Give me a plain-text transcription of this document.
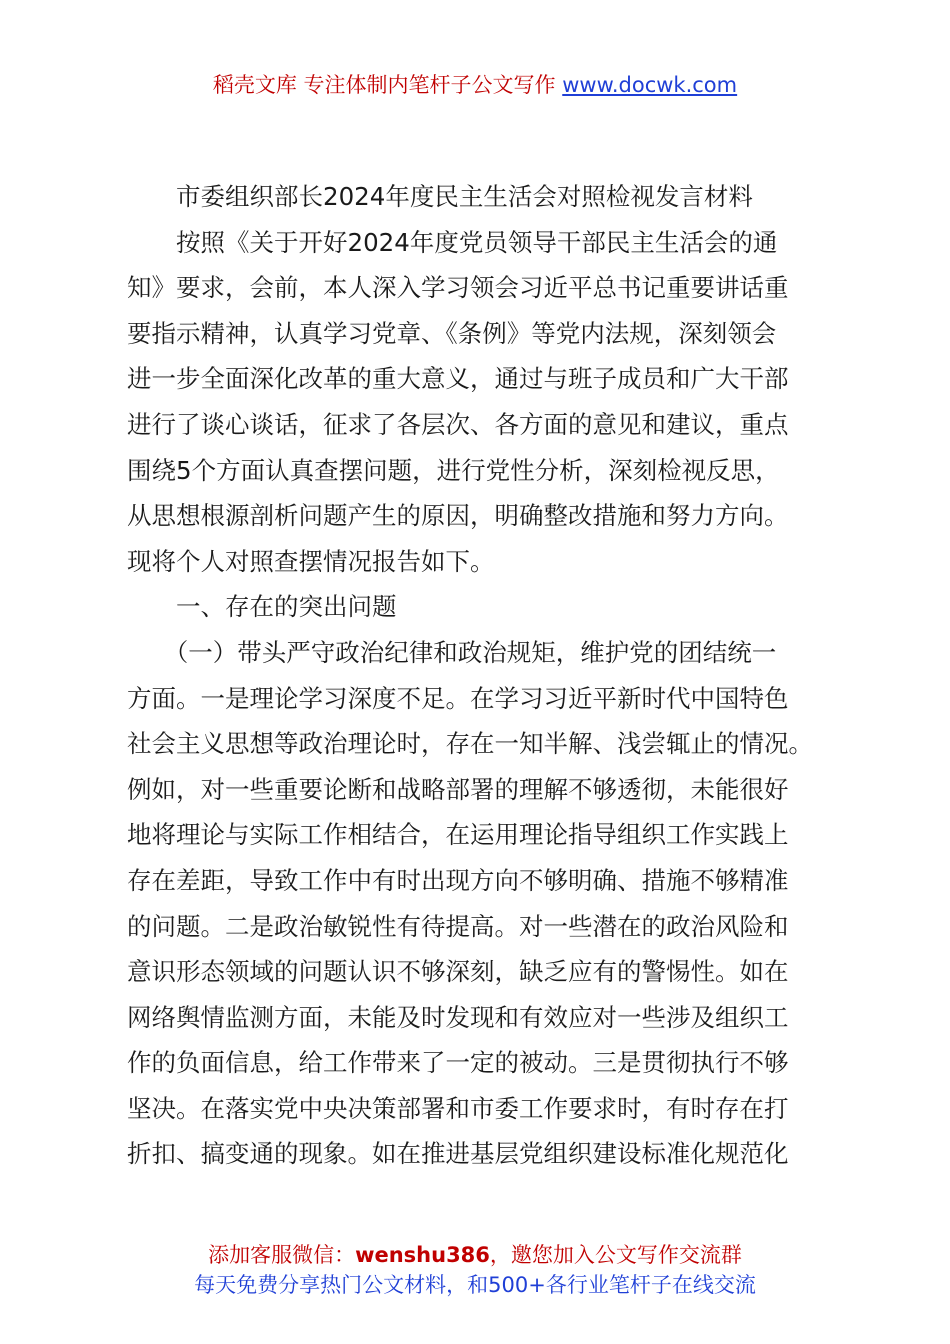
稻壳文库 专注体制内笔杆子公文写作 www.docwk.com

　　市委组织部长2024年度民主生活会对照检视发言材料

　　按照《关于开好2024年度党员领导干部民主生活会的通

知》要求，会前，本人深入学习领会习近平总书记重要讲话重

要指示精神，认真学习党章、《条例》等党内法规，深刻领会

进一步全面深化改革的重大意义，通过与班子成员和广大干部

进行了谈心谈话，征求了各层次、各方面的意见和建议，重点

围绕5个方面认真查摆问题，进行党性分析，深刻检视反思，

从思想根源剖析问题产生的原因，明确整改措施和努力方向。

现将个人对照查摆情况报告如下。

　　一、存在的突出问题

　　（一）带头严守政治纪律和政治规矩，维护党的团结统一

方面。一是理论学习深度不足。在学习习近平新时代中国特色

社会主义思想等政治理论时，存在一知半解、浅尝辄止的情况。

例如，对一些重要论断和战略部署的理解不够透彻，未能很好

地将理论与实际工作相结合，在运用理论指导组织工作实践上

存在差距，导致工作中有时出现方向不够明确、措施不够精准

的问题。二是政治敏锐性有待提高。对一些潜在的政治风险和

意识形态领域的问题认识不够深刻，缺乏应有的警惕性。如在

网络舆情监测方面，未能及时发现和有效应对一些涉及组织工

作的负面信息，给工作带来了一定的被动。三是贯彻执行不够

坚决。在落实党中央决策部署和市委工作要求时，有时存在打

折扣、搞变通的现象。如在推进基层党组织建设标准化规范化

添加客服微信：wenshu386，邀您加入公文写作交流群
每天免费分享热门公文材料，和500+各行业笔杆子在线交流
